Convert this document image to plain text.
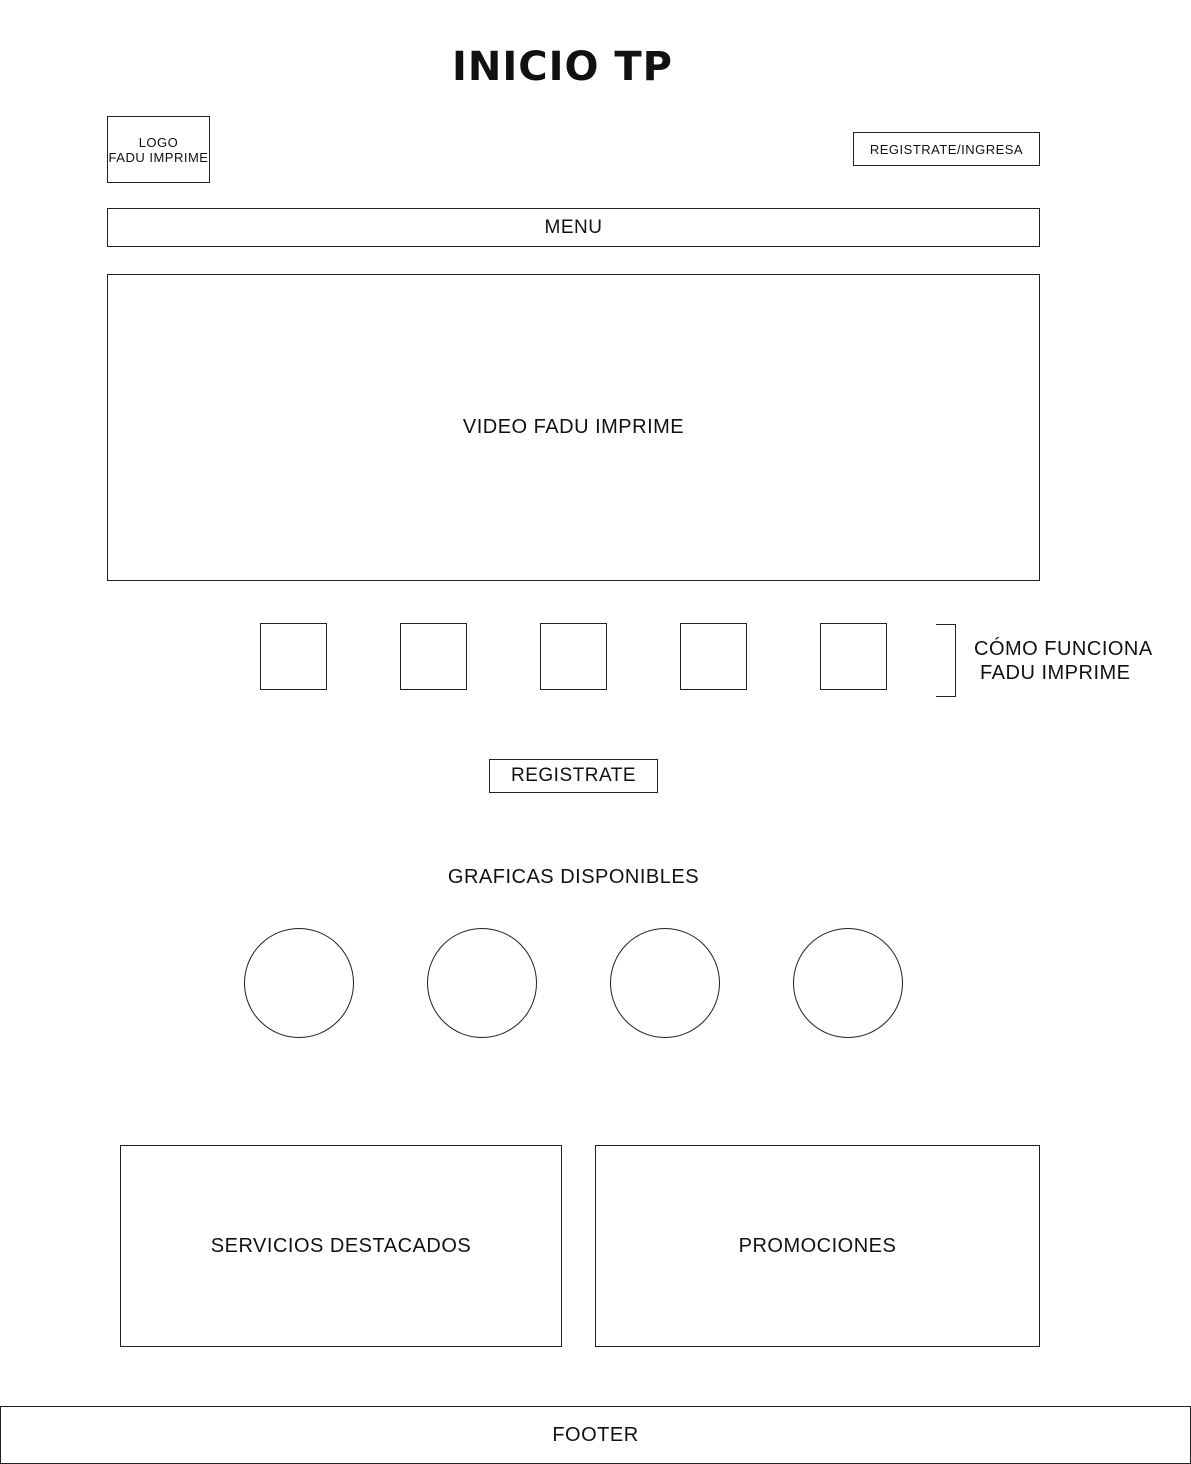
INICIO TP
LOGO
FADU IMPRIME
REGISTRATE/INGRESA
MENU
VIDEO FADU IMPRIME
CÓMO FUNCIONA
FADU IMPRIME
REGISTRATE
GRAFICAS DISPONIBLES
SERVICIOS DESTACADOS	PROMOCIONES
FOOTER
